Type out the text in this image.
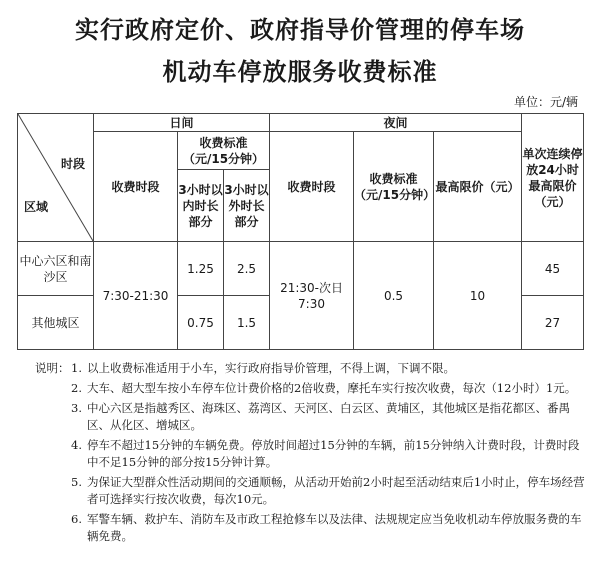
实行政府定价、政府指导价管理的停车场
机动车停放服务收费标准
单位：元/辆
时段
区域	日间			夜间			单次连续停放24小时最高限价（元）
	收费时段	收费标准（元/15分钟）		收费时段	收费标准（元/15分钟）	最高限价（元）	
		3小时以内时长部分	3小时以外时长部分				
中心六区和南沙区	7:30-21:30	1.25	2.5	21:30-次日7:30	0.5	10	45
其他城区		0.75	1.5				27
说明： 1. 以上收费标准适用于小车，实行政府指导价管理，不得上调，下调不限。
2. 大车、超大型车按小车停车位计费价格的2倍收费，摩托车实行按次收费，每次（12小时）1元。
3. 中心六区是指越秀区、海珠区、荔湾区、天河区、白云区、黄埔区，其他城区是指花都区、番禺区、从化区、增城区。
4. 停车不超过15分钟的车辆免费。停放时间超过15分钟的车辆，前15分钟纳入计费时段，计费时段中不足15分钟的部分按15分钟计算。
5. 为保证大型群众性活动期间的交通顺畅，从活动开始前2小时起至活动结束后1小时止，停车场经营者可选择实行按次收费，每次10元。
6. 军警车辆、救护车、消防车及市政工程抢修车以及法律、法规规定应当免收机动车停放服务费的车辆免费。
